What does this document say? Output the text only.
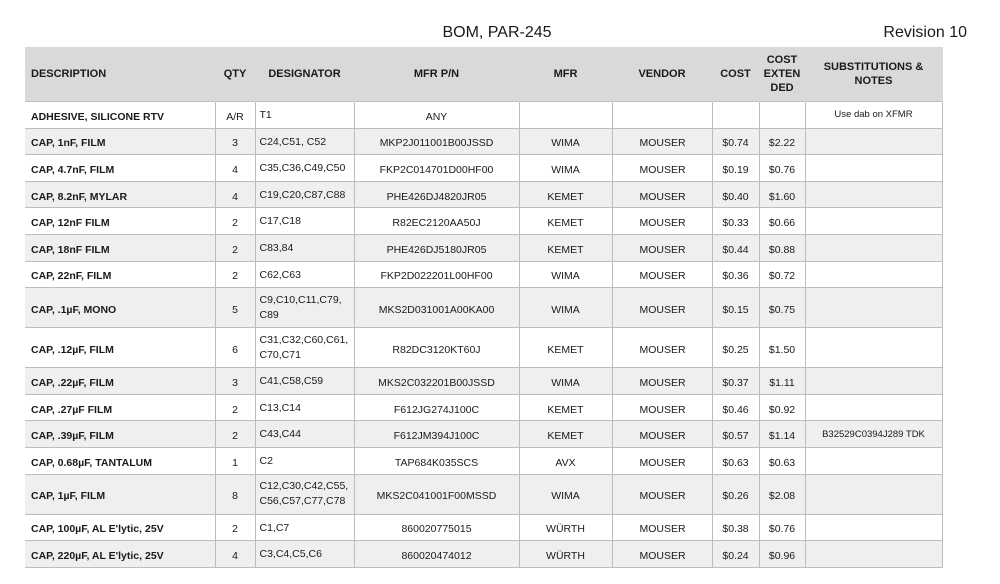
BOM, PAR-245	Revision 10
DESCRIPTION	QTY	DESIGNATOR	MFR P/N	MFR	VENDOR	COST	COST EXTEN DED	SUBSTITUTIONS & NOTES
ADHESIVE, SILICONE RTV	A/R	T1	ANY					Use dab on XFMR
CAP, 1nF, FILM	3	C24,C51, C52	MKP2J011001B00JSSD	WIMA	MOUSER	$0.74	$2.22	
CAP, 4.7nF, FILM	4	C35,C36,C49,C50	FKP2C014701D00HF00	WIMA	MOUSER	$0.19	$0.76	
CAP, 8.2nF, MYLAR	4	C19,C20,C87,C88	PHE426DJ4820JR05	KEMET	MOUSER	$0.40	$1.60	
CAP, 12nF FILM	2	C17,C18	R82EC2120AA50J	KEMET	MOUSER	$0.33	$0.66	
CAP, 18nF FILM	2	C83,84	PHE426DJ5180JR05	KEMET	MOUSER	$0.44	$0.88	
CAP, 22nF, FILM	2	C62,C63	FKP2D022201L00HF00	WIMA	MOUSER	$0.36	$0.72	
CAP, .1µF, MONO	5	C9,C10,C11,C79, C89	MKS2D031001A00KA00	WIMA	MOUSER	$0.15	$0.75	
CAP, .12µF, FILM	6	C31,C32,C60,C61, C70,C71	R82DC3120KT60J	KEMET	MOUSER	$0.25	$1.50	
CAP, .22µF, FILM	3	C41,C58,C59	MKS2C032201B00JSSD	WIMA	MOUSER	$0.37	$1.11	
CAP, .27µF FILM	2	C13,C14	F612JG274J100C	KEMET	MOUSER	$0.46	$0.92	
CAP, .39µF, FILM	2	C43,C44	F612JM394J100C	KEMET	MOUSER	$0.57	$1.14	B32529C0394J289 TDK
CAP, 0.68µF, TANTALUM	1	C2	TAP684K035SCS	AVX	MOUSER	$0.63	$0.63	
CAP, 1µF, FILM	8	C12,C30,C42,C55, C56,C57,C77,C78	MKS2C041001F00MSSD	WIMA	MOUSER	$0.26	$2.08	
CAP, 100µF, AL E'lytic, 25V	2	C1,C7	860020775015	WÜRTH	MOUSER	$0.38	$0.76	
CAP, 220µF, AL E'lytic, 25V	4	C3,C4,C5,C6	860020474012	WÜRTH	MOUSER	$0.24	$0.96	
